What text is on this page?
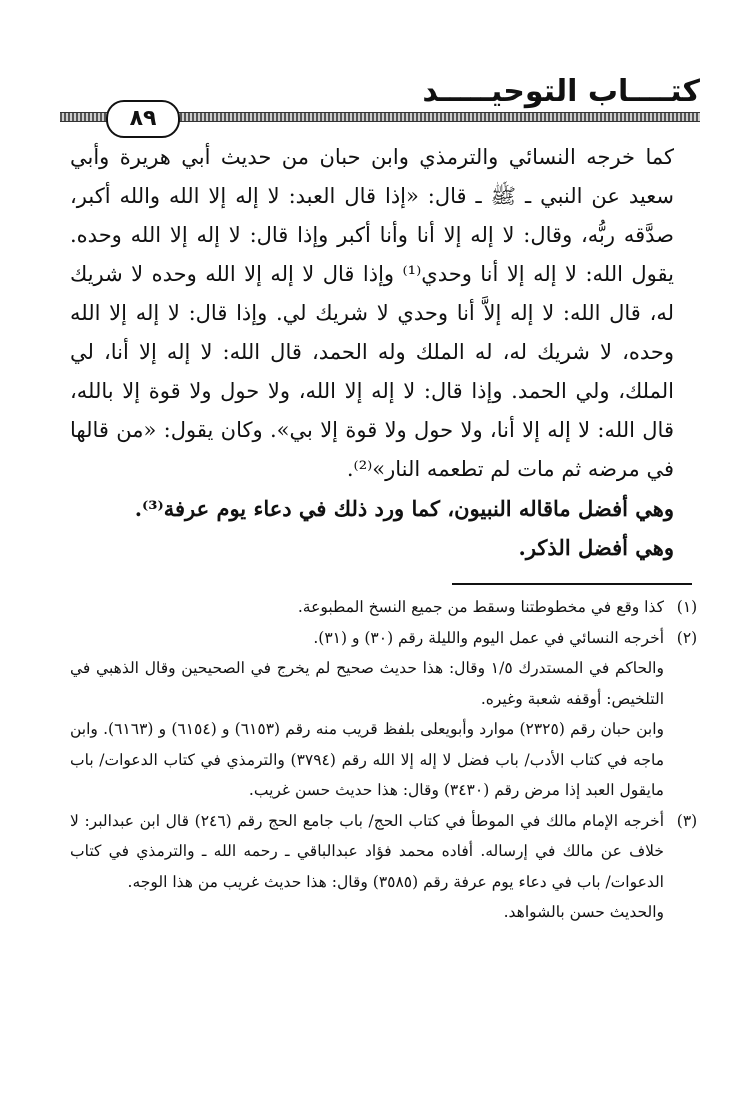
كتــــاب التوحيـــــد
٨٩

كما خرجه النسائي والترمذي وابن حبان من حديث أبي هريرة وأبي سعيد عن النبي ـ ﷺ ـ قال: «إذا قال العبد: لا إله إلا الله والله أكبر، صدَّقه ربُّه، وقال: لا إله إلا أنا وأنا أكبر وإذا قال: لا إله إلا الله وحده. يقول الله: لا إله إلا أنا وحدي⁽¹⁾ وإذا قال لا إله إلا الله وحده لا شريك له، قال الله: لا إله إلاَّ أنا وحدي لا شريك لي. وإذا قال: لا إله إلا الله وحده، لا شريك له، له الملك وله الحمد، قال الله: لا إله إلا أنا، لي الملك، ولي الحمد. وإذا قال: لا إله إلا الله، ولا حول ولا قوة إلا بالله، قال الله: لا إله إلا أنا، ولا حول ولا قوة إلا بي». وكان يقول: «من قالها في مرضه ثم مات لم تطعمه النار»⁽²⁾.

وهي أفضل ماقاله النبيون، كما ورد ذلك في دعاء يوم عرفة⁽³⁾.

وهي أفضل الذكر.

(١)

كذا وقع في مخطوطتنا وسقط من جميع النسخ المطبوعة.

(٢)

أخرجه النسائي في عمل اليوم والليلة رقم (٣٠) و (٣١).

والحاكم في المستدرك ١/٥ وقال: هذا حديث صحيح لم يخرج في الصحيحين وقال الذهبي في التلخيص: أوقفه شعبة وغيره.

وابن حبان رقم (٢٣٢٥) موارد وأبويعلى بلفظ قريب منه رقم (٦١٥٣) و (٦١٥٤) و (٦١٦٣). وابن ماجه في كتاب الأدب/ باب فضل لا إله إلا الله رقم (٣٧٩٤) والترمذي في كتاب الدعوات/ باب مايقول العبد إذا مرض رقم (٣٤٣٠) وقال: هذا حديث حسن غريب.

(٣)

أخرجه الإمام مالك في الموطأ في كتاب الحج/ باب جامع الحج رقم (٢٤٦) قال ابن عبدالبر: لا خلاف عن مالك في إرساله. أفاده محمد فؤاد عبدالباقي ـ رحمه الله ـ والترمذي في كتاب الدعوات/ باب في دعاء يوم عرفة رقم (٣٥٨٥) وقال: هذا حديث غريب من هذا الوجه.

والحديث حسن بالشواهد.
